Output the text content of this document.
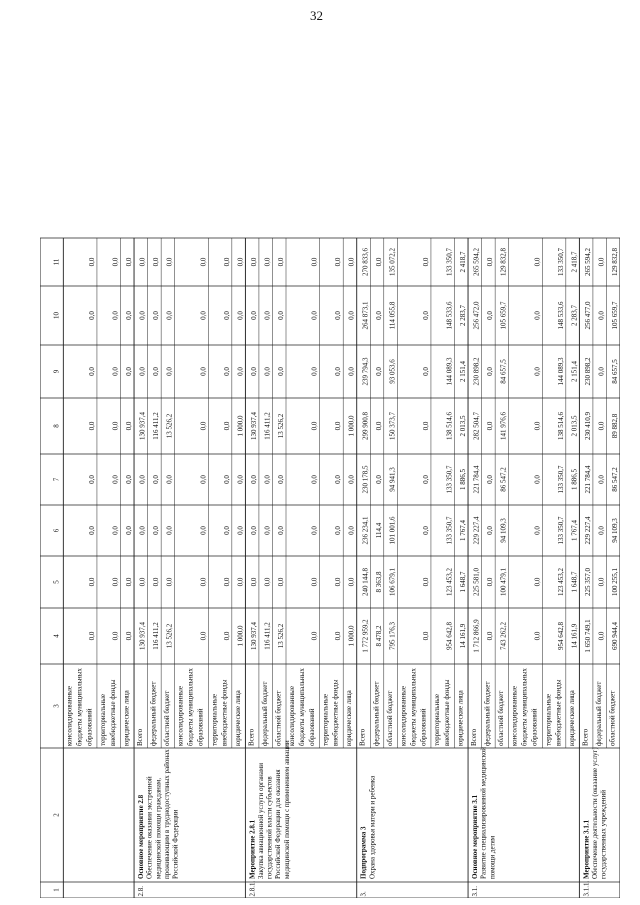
32
1
2
3
4
5
6
7
8
9
10
11
2.8.
Основное мероприятие 2.8 Обеспечение оказания экстренной медицинской помощи гражданам, проживающим в труднодоступных районах Российской Федерации
2.8.1.
Мероприятие 2.8.1 Закупка авиационной услуги органами государственной власти субъектов Российской Федерации для оказания медицинской помощи с применением авиации
3.
Подпрограмма 3 Охрана здоровья матери и ребенка
3.1.
Основное мероприятие 3.1 Развитие специализированной медицинской помощи детям
3.1.1.
Мероприятие 3.1.1 Обеспечение деятельности (оказание услуг) государственных учреждений
консолидированные бюджеты муниципальных образований
0,0
0,0
0,0
0,0
0,0
0,0
0,0
0,0
территориальные внебюджетные фонды
0,0
0,0
0,0
0,0
0,0
0,0
0,0
0,0
юридические лица
0,0
0,0
0,0
0,0
0,0
0,0
0,0
0,0
Всего
130 937,4
0,0
0,0
0,0
130 937,4
0,0
0,0
0,0
федеральный бюджет
116 411,2
0,0
0,0
0,0
116 411,2
0,0
0,0
0,0
областной бюджет
13 526,2
0,0
0,0
0,0
13 526,2
0,0
0,0
0,0
консолидированные бюджеты муниципальных образований
0,0
0,0
0,0
0,0
0,0
0,0
0,0
0,0
территориальные внебюджетные фонды
0,0
0,0
0,0
0,0
0,0
0,0
0,0
0,0
юридические лица
1 000,0
0,0
0,0
0,0
1 000,0
0,0
0,0
0,0
Всего
130 937,4
0,0
0,0
0,0
130 937,4
0,0
0,0
0,0
федеральный бюджет
116 411,2
0,0
0,0
0,0
116 411,2
0,0
0,0
0,0
областной бюджет
13 526,2
0,0
0,0
0,0
13 526,2
0,0
0,0
0,0
консолидированные бюджеты муниципальных образований
0,0
0,0
0,0
0,0
0,0
0,0
0,0
0,0
территориальные внебюджетные фонды
0,0
0,0
0,0
0,0
0,0
0,0
0,0
0,0
юридические лица
1 000,0
0,0
0,0
0,0
1 000,0
0,0
0,0
0,0
Всего
1 772 959,2
240 144,8
236 234,1
230 178,5
299 900,8
239 794,3
264 873,1
270 833,6
федеральный бюджет
8 478,2
8 363,8
114,4
0,0
0,0
0,0
0,0
0,0
областной бюджет
795 176,3
106 679,1
101 001,6
94 941,3
150 373,7
93 053,6
114 055,8
135 072,2
консолидированные бюджеты муниципальных образований
0,0
0,0
0,0
0,0
0,0
0,0
0,0
0,0
территориальные внебюджетные фонды
954 642,8
123 453,2
133 350,7
133 350,7
138 514,6
144 089,3
148 533,6
133 350,7
юридические лица
14 161,9
1 648,7
1 767,4
1 886,5
2 013,5
2 151,4
2 283,7
2 418,7
Всего
1 712 866,9
225 581,0
229 227,4
221 784,4
282 504,7
230 898,2
256 472,0
265 594,2
федеральный бюджет
0,0
0,0
0,0
0,0
0,0
0,0
0,0
0,0
областной бюджет
743 262,2
100 479,1
94 109,3
86 547,2
141 976,6
84 657,5
105 659,7
129 832,8
консолидированные бюджеты муниципальных образований
0,0
0,0
0,0
0,0
0,0
0,0
0,0
0,0
территориальные внебюджетные фонды
954 642,8
123 453,2
133 350,7
133 350,7
138 514,6
144 089,3
148 533,6
133 350,7
юридические лица
14 161,9
1 648,7
1 767,4
1 886,5
2 013,5
2 151,4
2 283,7
2 418,7
Всего
1 650 749,1
225 357,0
229 227,4
221 784,4
230 410,9
230 898,2
256 477,0
265 594,2
федеральный бюджет
0,0
0,0
0,0
0,0
0,0
0,0
0,0
0,0
областной бюджет
690 944,4
100 255,1
94 109,3
86 547,2
89 882,8
84 657,5
105 659,7
129 832,8
